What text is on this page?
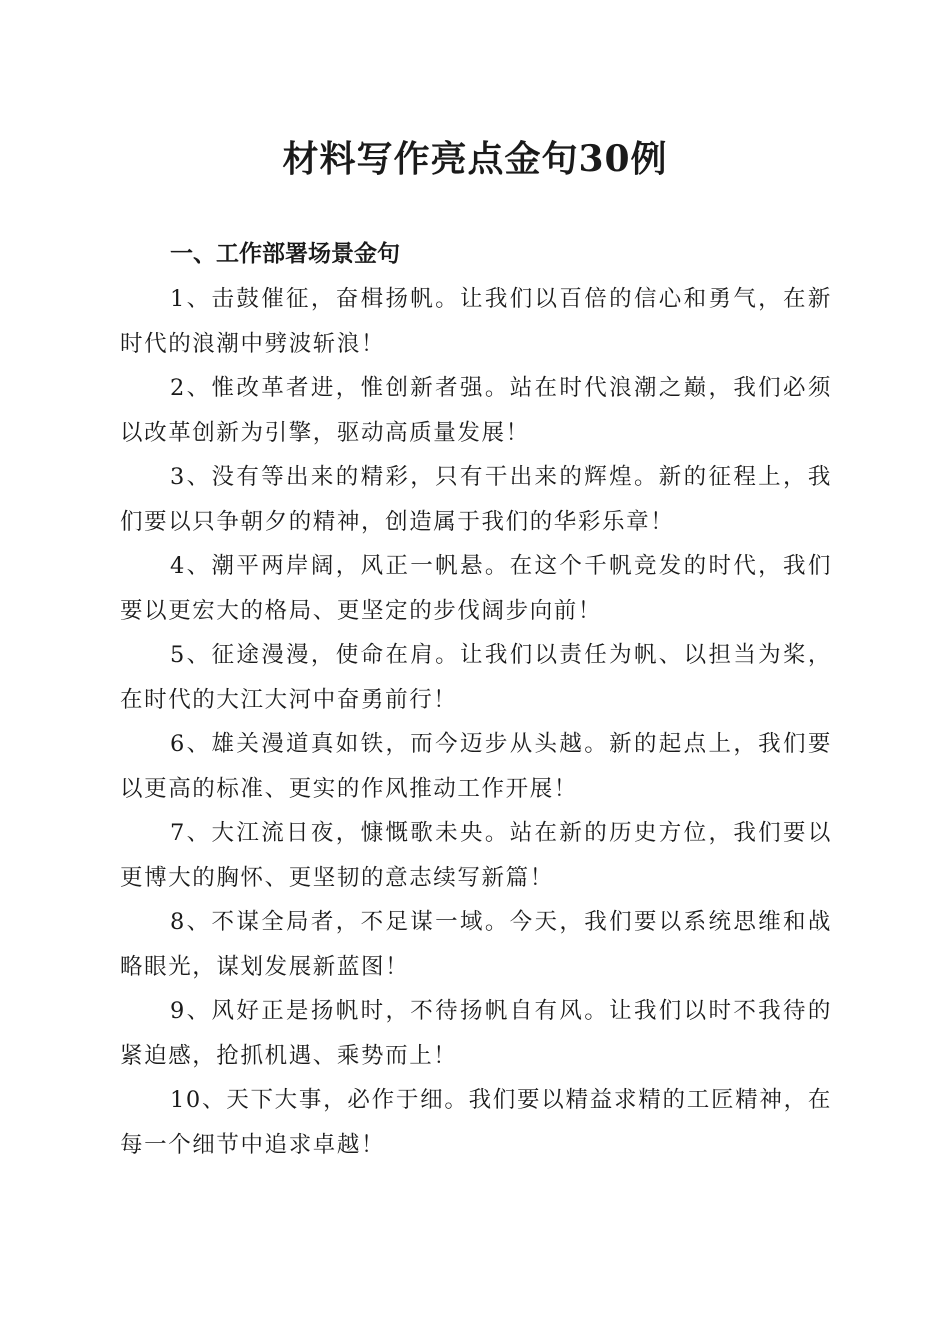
材料写作亮点金句30例
一、工作部署场景金句

1、击鼓催征，奋楫扬帆。让我们以百倍的信心和勇气，在新时代的浪潮中劈波斩浪！

2、惟改革者进，惟创新者强。站在时代浪潮之巅，我们必须以改革创新为引擎，驱动高质量发展！

3、没有等出来的精彩，只有干出来的辉煌。新的征程上，我们要以只争朝夕的精神，创造属于我们的华彩乐章！

4、潮平两岸阔，风正一帆悬。在这个千帆竞发的时代，我们要以更宏大的格局、更坚定的步伐阔步向前！

5、征途漫漫，使命在肩。让我们以责任为帆、以担当为桨，在时代的大江大河中奋勇前行！

6、雄关漫道真如铁，而今迈步从头越。新的起点上，我们要以更高的标准、更实的作风推动工作开展！

7、大江流日夜，慷慨歌未央。站在新的历史方位，我们要以更博大的胸怀、更坚韧的意志续写新篇！

8、不谋全局者，不足谋一域。今天，我们要以系统思维和战略眼光，谋划发展新蓝图！

9、风好正是扬帆时，不待扬帆自有风。让我们以时不我待的紧迫感，抢抓机遇、乘势而上！

10、天下大事，必作于细。我们要以精益求精的工匠精神，在每一个细节中追求卓越！
